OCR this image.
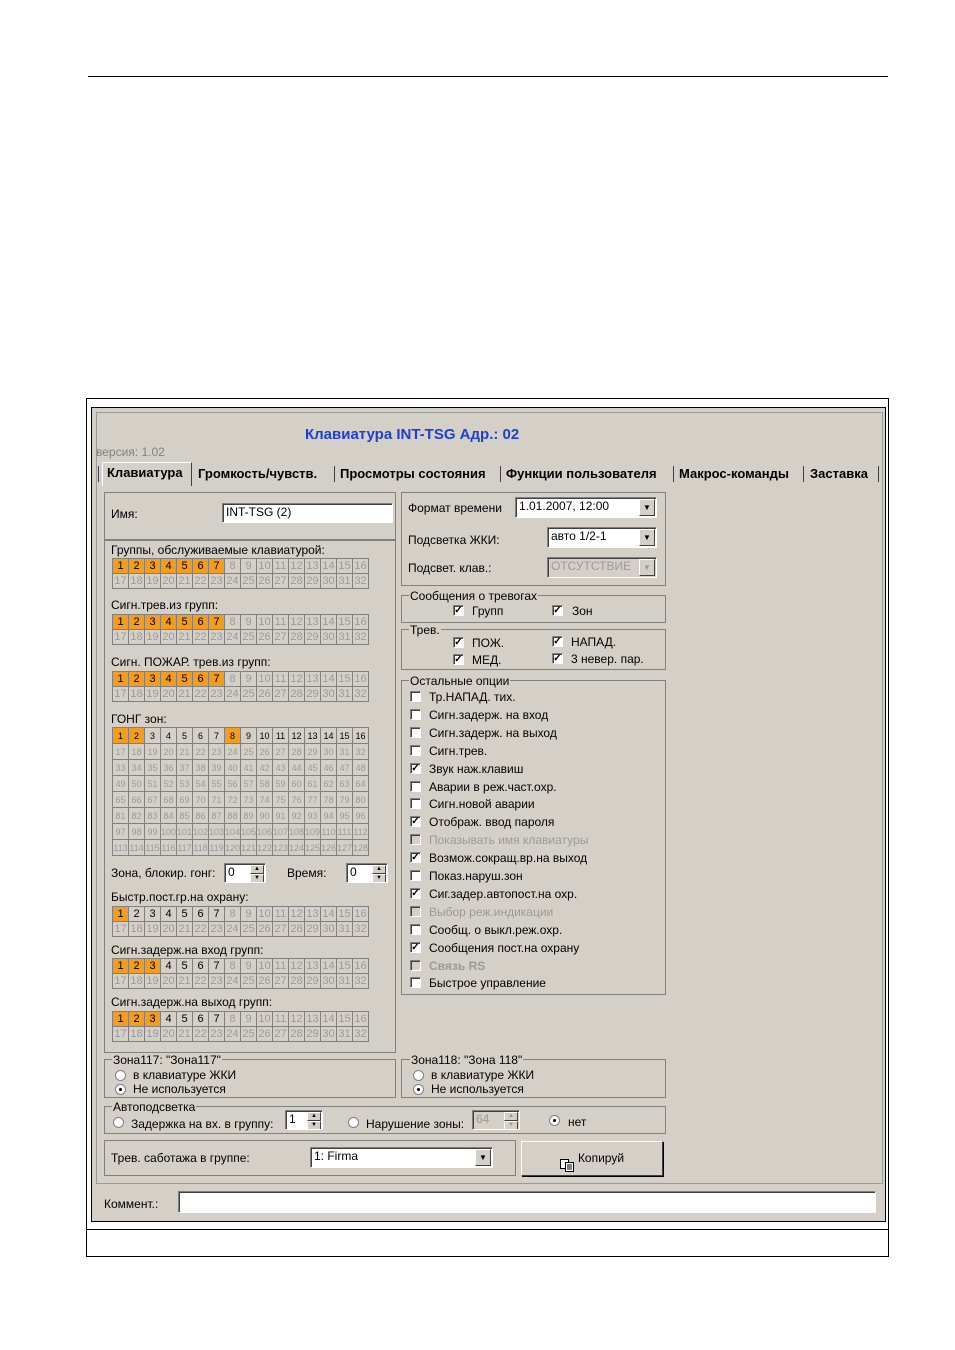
Клавиатура INT-TSG Адр.: 02
версия: 1.02
Клавиатура	Громкость/чувств.	Просмотры состояния	Функции пользователя	Макрос-команды	Заставка
Имя:	INT-TSG (2)
Группы, обслуживаемые клавиатурой:
1 2 3 4 5 6 7 8 9 10 11 12 13 14 15 16
17 18 19 20 21 22 23 24 25 26 27 28 29 30 31 32
Сигн.трев.из групп:
1 2 3 4 5 6 7 8 9 10 11 12 13 14 15 16
17 18 19 20 21 22 23 24 25 26 27 28 29 30 31 32
Сигн. ПОЖАР. трев.из групп:
1 2 3 4 5 6 7 8 9 10 11 12 13 14 15 16
17 18 19 20 21 22 23 24 25 26 27 28 29 30 31 32
ГОНГ зон:
1	2	3	4	5	6	7	8	9 10 11 12 13 14 15 16
17 18 19 20 21 22 23 24 25 26 27 28 29 30 31 32
33 34 35 36 37 38 39 40 41 42 43 44 45 46 47 48
49 50 51 52 53 54 55 56 57 58 59 60 61 62 63 64
65 66 67 68 69 70 71 72 73 74 75 76 77 78 79 80
81 82 83 84 85 86 87 88 89 90 91 92 93 94 95 96
97 98 99 100 101 102 103 104 105 106 107 108 109 110 111 112
113 114 115 116 117 118 119 120 121 122 123 124 125 126 127 128
Зона, блокир. гонг:	0	▲
▼	Время:	0	▲
▼
Быстр.пост.гр.на охрану:
1 2 3 4 5 6 7 8 9 10 11 12 13 14 15 16
17 18 19 20 21 22 23 24 25 26 27 28 29 30 31 32
Сигн.задерж.на вход групп:
1 2 3 4 5 6 7 8 9 10 11 12 13 14 15 16
17 18 19 20 21 22 23 24 25 26 27 28 29 30 31 32
Сигн.задерж.на выход групп:
1 2 3 4 5 6 7 8 9 10 11 12 13 14 15 16
17 18 19 20 21 22 23 24 25 26 27 28 29 30 31 32
Формат времени	1.01.2007, 12:00	▼
Подсветка ЖКИ:	авто 1/2-1	▼
Подсвет. клав.:	ОТСУТСТВИЕ	▼
Сообщения о тревогах
✓ Групп	✓ Зон
Трев.
✓ ПОЖ.	✓ НАПАД.
✓ МЕД.	✓ 3 невер. пар.
Остальные опции
Тр.НАПАД. тих.
Сигн.задерж. на вход
Сигн.задерж. на выход
Сигн.трев.
✓ Звук наж.клавиш
Аварии в реж.част.охр.
Сигн.новой аварии
✓ Отображ. ввод пароля
Показывать имя клавиатуры
✓ Возмож.сокращ.вр.на выход
Показ.наруш.зон
✓ Сиг.задер.автопост.на охр.
Выбор реж.индикации
Сообщ. о выкл.реж.охр.
✓ Сообщения пост.на охрану
Связь RS
Быстрое управление
Зона117: "Зона117"
в клавиатуре ЖКИ
Не используется
Зона118: "Зона 118"
в клавиатуре ЖКИ
Не используется
Автоподсветка
Задержка на вх. в группу:	1	▲
▼	Нарушение зоны: 64	▲
▼	нет
Трев. саботажа в группе:	1: Firma	▼	Копируй
Коммент.:
